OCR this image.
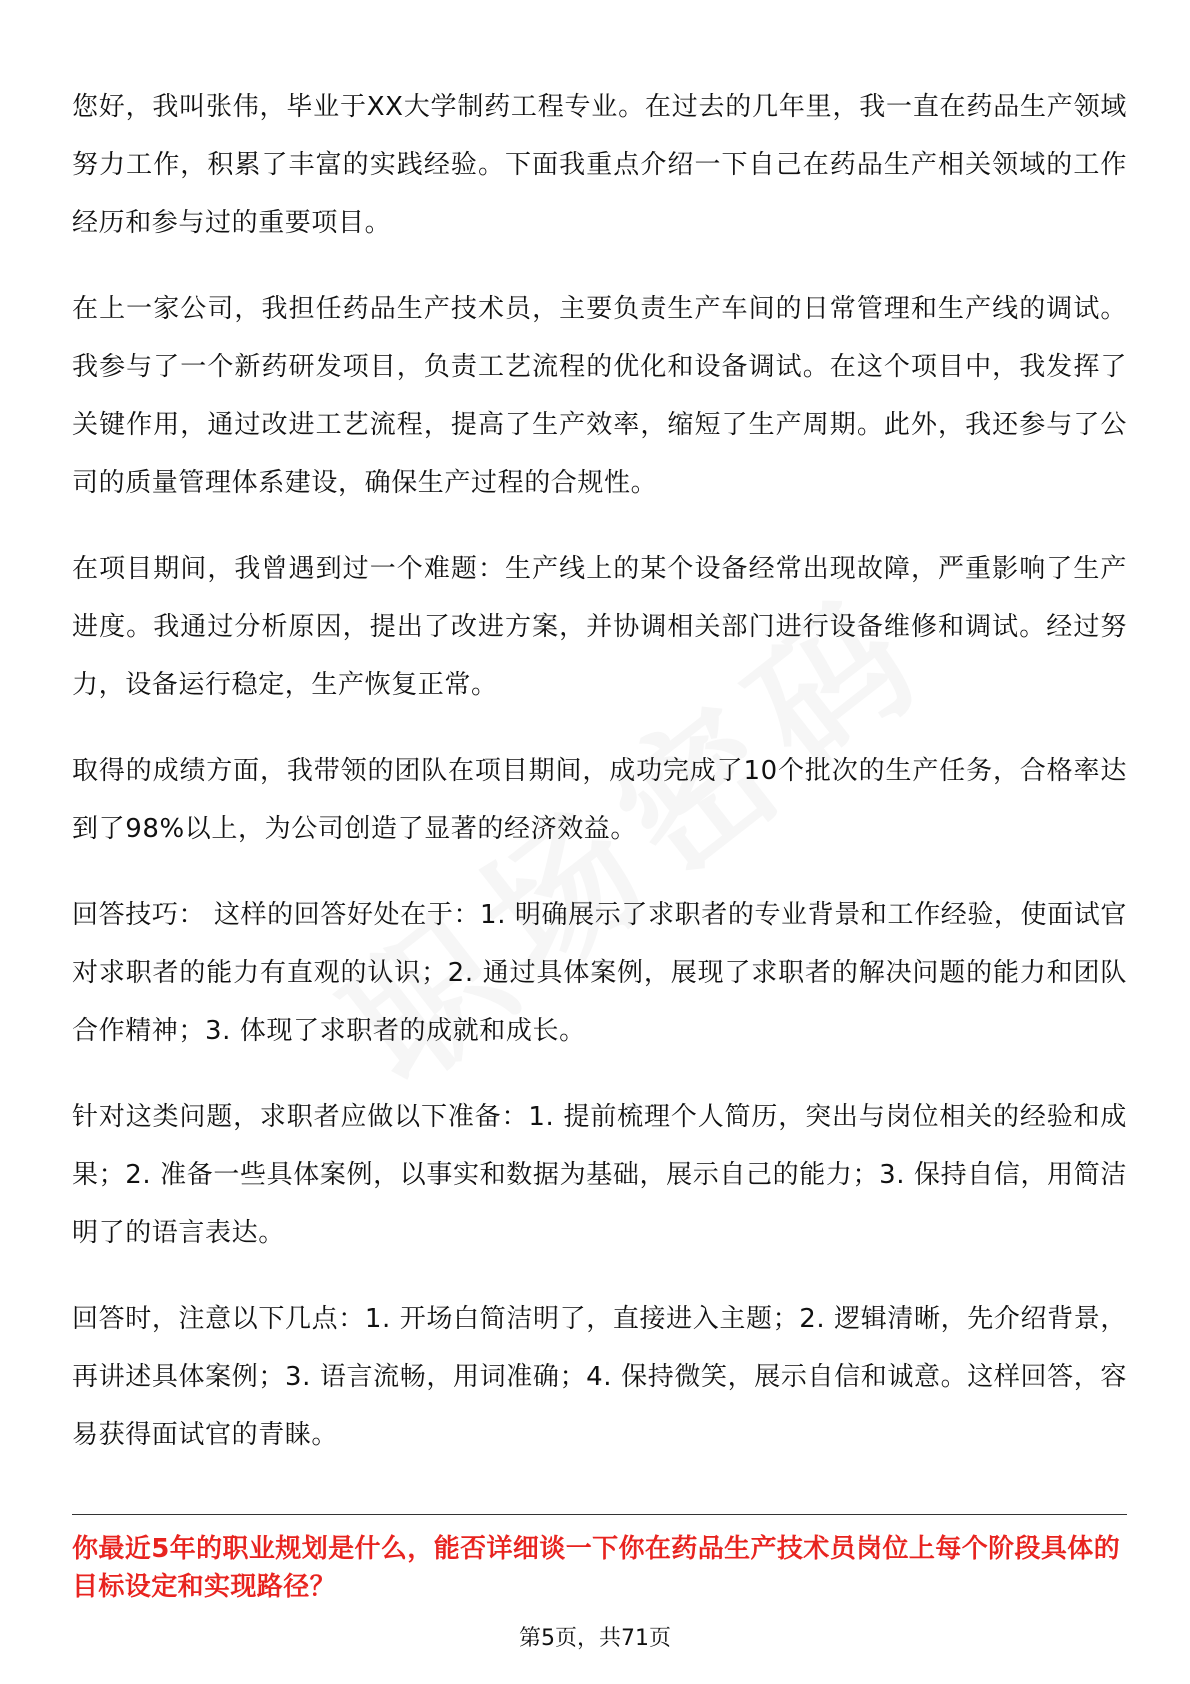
您好，我叫张伟，毕业于XX大学制药工程专业。在过去的几年里，我一直在药品生产领域努力工作，积累了丰富的实践经验。下面我重点介绍一下自己在药品生产相关领域的工作经历和参与过的重要项目。

在上一家公司，我担任药品生产技术员，主要负责生产车间的日常管理和生产线的调试。我参与了一个新药研发项目，负责工艺流程的优化和设备调试。在这个项目中，我发挥了关键作用，通过改进工艺流程，提高了生产效率，缩短了生产周期。此外，我还参与了公司的质量管理体系建设，确保生产过程的合规性。

在项目期间，我曾遇到过一个难题：生产线上的某个设备经常出现故障，严重影响了生产进度。我通过分析原因，提出了改进方案，并协调相关部门进行设备维修和调试。经过努力，设备运行稳定，生产恢复正常。

取得的成绩方面，我带领的团队在项目期间，成功完成了10个批次的生产任务，合格率达到了98%以上，为公司创造了显著的经济效益。

回答技巧： 这样的回答好处在于：1. 明确展示了求职者的专业背景和工作经验，使面试官对求职者的能力有直观的认识；2. 通过具体案例，展现了求职者的解决问题的能力和团队合作精神；3. 体现了求职者的成就和成长。

针对这类问题，求职者应做以下准备：1. 提前梳理个人简历，突出与岗位相关的经验和成果；2. 准备一些具体案例，以事实和数据为基础，展示自己的能力；3. 保持自信，用简洁明了的语言表达。

回答时，注意以下几点：1. 开场白简洁明了，直接进入主题；2. 逻辑清晰，先介绍背景，再讲述具体案例；3. 语言流畅，用词准确；4. 保持微笑，展示自信和诚意。这样回答，容易获得面试官的青睐。

你最近5年的职业规划是什么，能否详细谈一下你在药品生产技术员岗位上每个阶段具体的目标设定和实现路径？
第5页，共71页
